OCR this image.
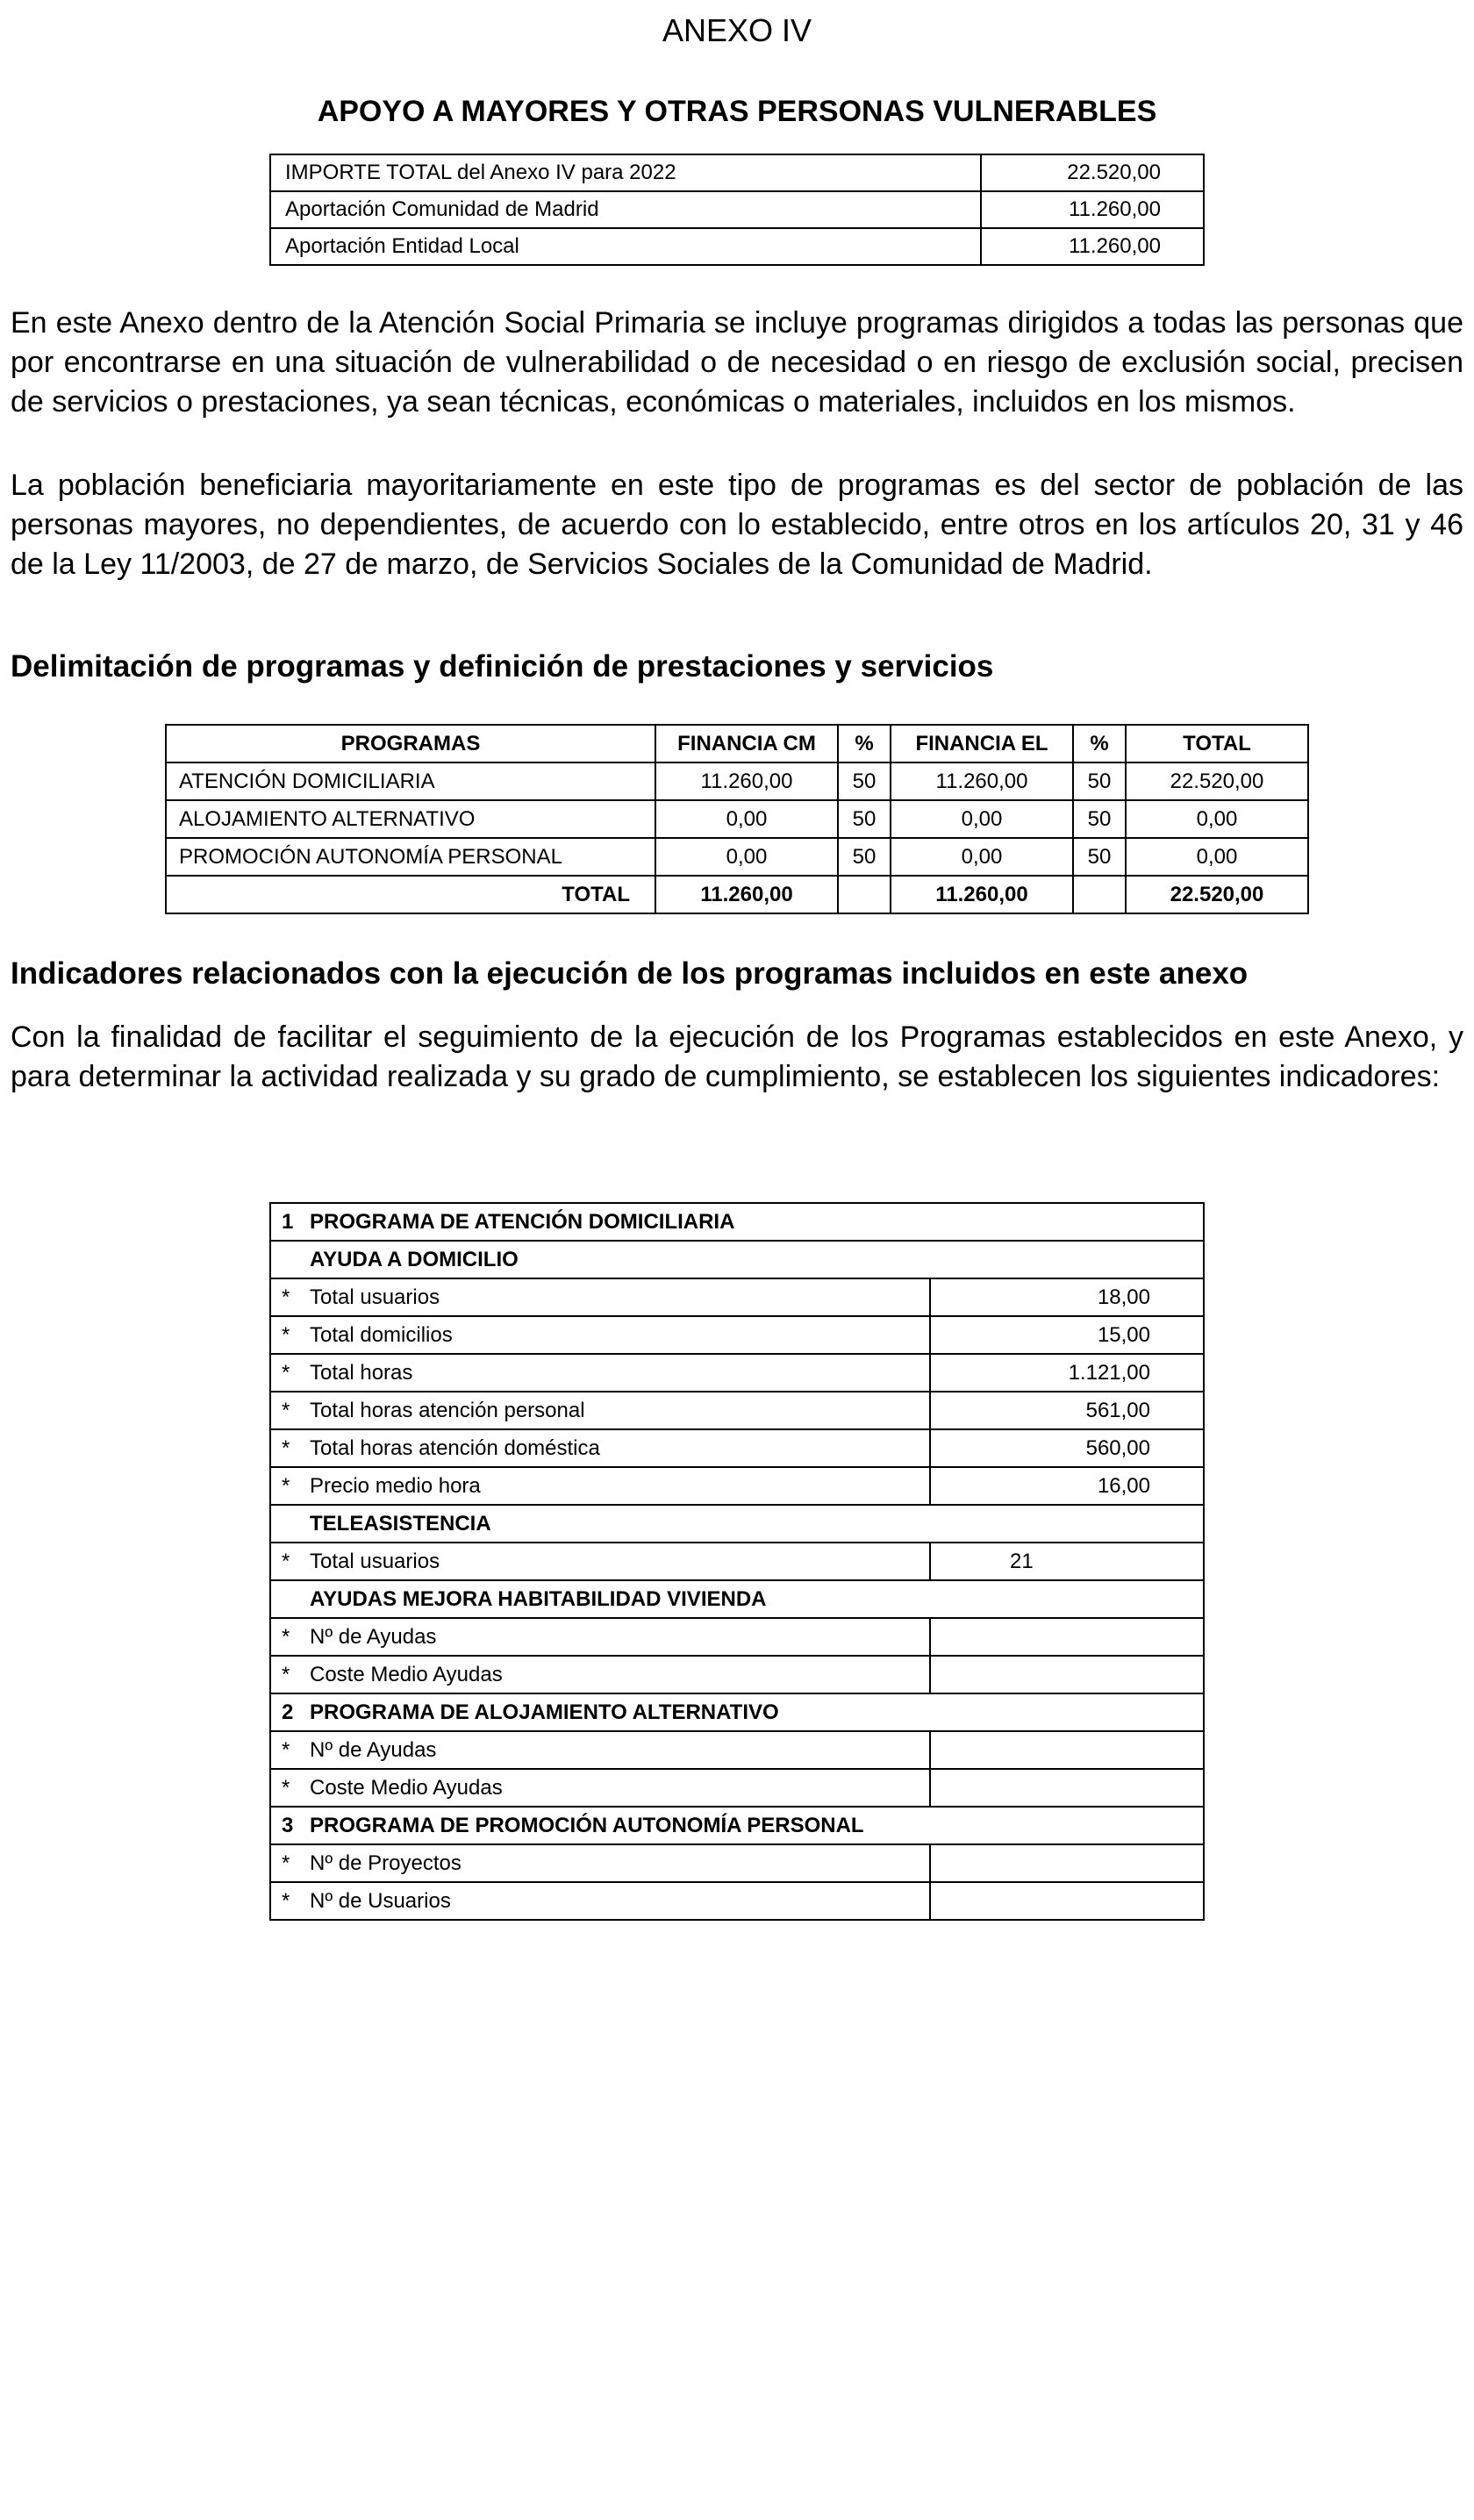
ANEXO IV
APOYO A MAYORES Y OTRAS PERSONAS VULNERABLES
IMPORTE TOTAL del Anexo IV para 2022	22.520,00
Aportación Comunidad de Madrid	11.260,00
Aportación Entidad Local	11.260,00

En este Anexo dentro de la Atención Social Primaria se incluye programas dirigidos a todas las personas que por encontrarse en una situación de vulnerabilidad o de necesidad o en riesgo de exclusión social, precisen de servicios o prestaciones, ya sean técnicas, económicas o materiales, incluidos en los mismos.

La población beneficiaria mayoritariamente en este tipo de programas es del sector de población de las personas mayores, no dependientes, de acuerdo con lo establecido, entre otros en los artículos 20, 31 y 46 de la Ley 11/2003, de 27 de marzo, de Servicios Sociales de la Comunidad de Madrid.

Delimitación de programas y definición de prestaciones y servicios
PROGRAMAS	FINANCIA CM	%	FINANCIA EL	%	TOTAL
ATENCIÓN DOMICILIARIA	11.260,00	50	11.260,00	50	22.520,00
ALOJAMIENTO ALTERNATIVO	0,00	50	0,00	50	0,00
PROMOCIÓN AUTONOMÍA PERSONAL	0,00	50	0,00	50	0,00
TOTAL	11.260,00		11.260,00		22.520,00
Indicadores relacionados con la ejecución de los programas incluidos en este anexo

Con la finalidad de facilitar el seguimiento de la ejecución de los Programas establecidos en este Anexo, y para determinar la actividad realizada y su grado de cumplimiento, se establecen los siguientes indicadores:

1 PROGRAMA DE ATENCIÓN DOMICILIARIA	
AYUDA A DOMICILIO	
* Total usuarios	18,00
* Total domicilios	15,00
* Total horas	1.121,00
* Total horas atención personal	561,00
* Total horas atención doméstica	560,00
* Precio medio hora	16,00
TELEASISTENCIA	
* Total usuarios	21
AYUDAS MEJORA HABITABILIDAD VIVIENDA	
* Nº de Ayudas	
* Coste Medio Ayudas	
2 PROGRAMA DE ALOJAMIENTO ALTERNATIVO	
* Nº de Ayudas	
* Coste Medio Ayudas	
3 PROGRAMA DE PROMOCIÓN AUTONOMÍA PERSONAL	
* Nº de Proyectos	
* Nº de Usuarios	
